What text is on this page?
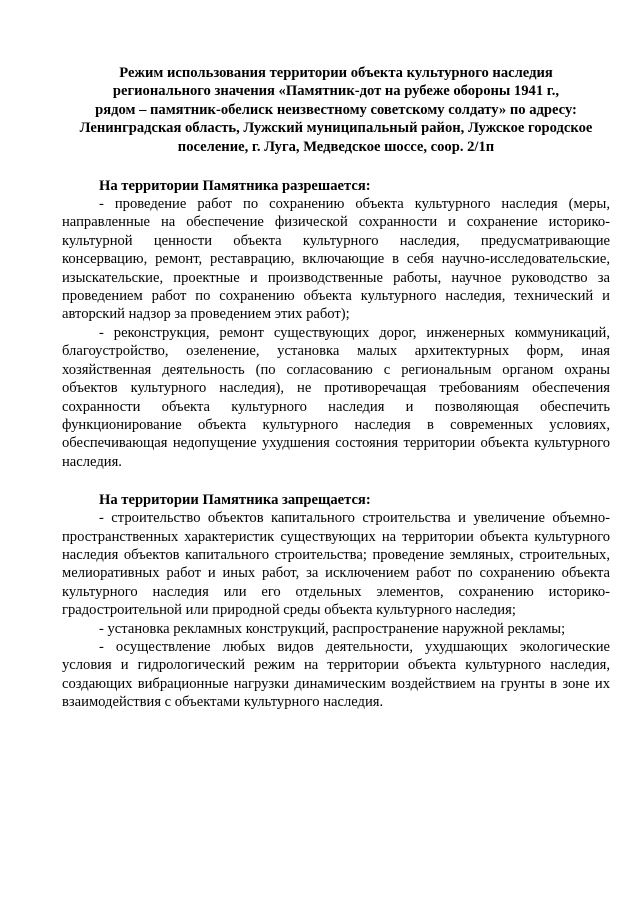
Режим использования территории объекта культурного наследия
регионального значения «Памятник-дот на рубеже обороны 1941 г.,
рядом – памятник-обелиск неизвестному советскому солдату» по адресу:
Ленинградская область, Лужский муниципальный район, Лужское городское
поселение, г. Луга, Медведское шоссе, соор. 2/1п

На территории Памятника разрешается:

- проведение работ по сохранению объекта культурного наследия (меры, направленные на обеспечение физической сохранности и сохранение историко-культурной ценности объекта культурного наследия, предусматривающие консервацию, ремонт, реставрацию, включающие в себя научно-исследовательские, изыскательские, проектные и производственные работы, научное руководство за проведением работ по сохранению объекта культурного наследия, технический и авторский надзор за проведением этих работ);

- реконструкция, ремонт существующих дорог, инженерных коммуникаций, благоустройство, озеленение, установка малых архитектурных форм, иная хозяйственная деятельность (по согласованию с региональным органом охраны объектов культурного наследия), не противоречащая требованиям обеспечения сохранности объекта культурного наследия и позволяющая обеспечить функционирование объекта культурного наследия в современных условиях, обеспечивающая недопущение ухудшения состояния территории объекта культурного наследия.

На территории Памятника запрещается:

- строительство объектов капитального строительства и увеличение объемно-пространственных характеристик существующих на территории объекта культурного наследия объектов капитального строительства; проведение земляных, строительных, мелиоративных работ и иных работ, за исключением работ по сохранению объекта культурного наследия или его отдельных элементов, сохранению историко-градостроительной или природной среды объекта культурного наследия;

- установка рекламных конструкций, распространение наружной рекламы;

- осуществление любых видов деятельности, ухудшающих экологические условия и гидрологический режим на территории объекта культурного наследия, создающих вибрационные нагрузки динамическим воздействием на грунты в зоне их взаимодействия с объектами культурного наследия.
